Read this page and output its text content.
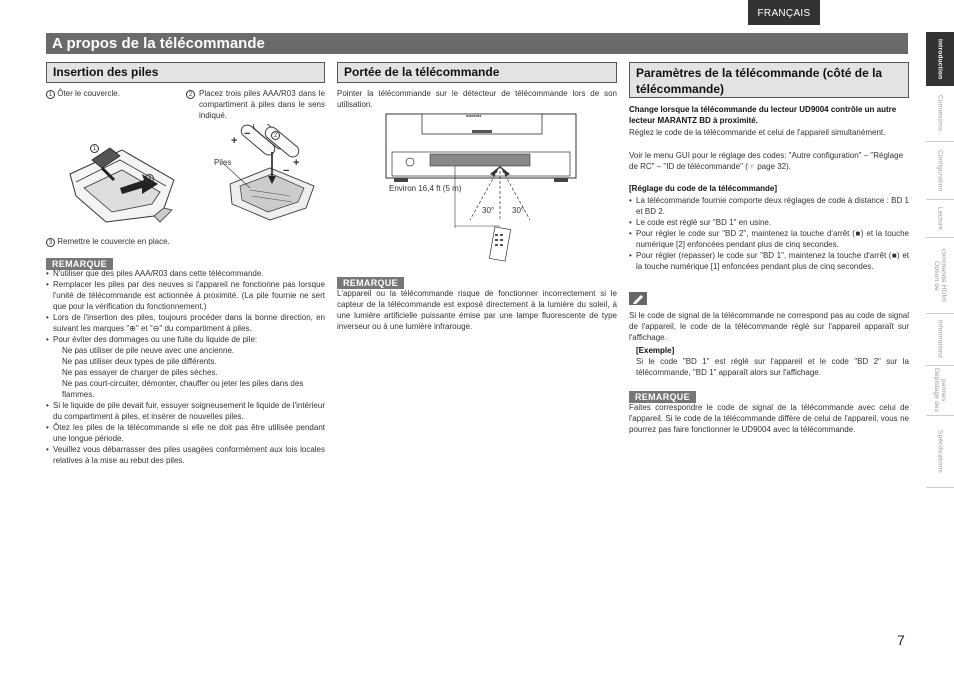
FRANÇAIS
A propos de la télécommande
Insertion des piles
1 Ôter le couvercle.	2 Placez trois piles AAA/R03 dans le compartiment à piles dans le sens indiqué.
1
3
+
+
−
−
2
Piles
3 Remettre le couvercle en place.
REMARQUE
• N'utiliser que des piles AAA/R03 dans cette télécommande.
• Remplacer les piles par des neuves si l'appareil ne fonctionne pas lorsque l'unité de télécommande est actionnée à proximité. (La pile fournie ne sert que pour la vérification du fonctionnement.)
• Lors de l'insertion des piles, toujours procéder dans la bonne direction, en suivant les marques "⊕" et "⊖" du compartiment à piles.
• Pour éviter des dommages ou une fuite du liquide de pile:
Ne pas utiliser de pile neuve avec une ancienne.
Ne pas utiliser deux types de pile différents.
Ne pas essayer de charger de piles sèches.
Ne pas court-circuiter, démonter, chauffer ou jeter les piles dans des flammes.
• Si le liquide de pile devait fuir, essuyer soigneusement le liquide de l'intérieur du compartiment à piles, et insérer de nouvelles piles.
• Ôtez les piles de la télécommande si elle ne doit pas être utilisée pendant une longue période.
• Veuillez vous débarrasser des piles usagées conformément aux lois locales relatives à la mise au rebut des piles.
Portée de la télécommande
Pointer la télécommande sur le détecteur de télécommande lors de son utilisation.
marantz
Environ 16,4 ft (5 m)
30° 30°
REMARQUE
L'appareil ou la télécommande risque de fonctionner incorrectement si le capteur de la télécommande est exposé directement à la lumière du soleil, à une lumière artificielle puissante émise par une lampe fluorescente de type inverseur ou à une lumière infrarouge.
Paramètres de la télécommande (côté de la télécommande)
Change lorsque la télécommande du lecteur UD9004 contrôle un autre lecteur MARANTZ BD à proximité.
Réglez le code de la télécommande et celui de l'appareil simultanément.
Voir le menu GUI pour le réglage des codes: "Autre configuration" – "Réglage de RC" – "ID de télécommande" (☞ page 32).
[Réglage du code de la télécommande]
• La télécommande fournie comporte deux réglages de code à distance : BD 1 et BD 2.
• Le code est réglé sur "BD 1" en usine.
• Pour régler le code sur "BD 2", maintenez la touche d'arrêt (■) et la touche numérique [2] enfoncées pendant plus de cinq secondes.
• Pour régler (repasser) le code sur "BD 1", maintenez la touche d'arrêt (■) et la touche numérique [1] enfoncées pendant plus de cinq secondes.
Si le code de signal de la télécommande ne correspond pas au code de signal de l'appareil, le code de la télécommande réglé sur l'appareil apparaît sur l'affichage.
[Exemple]
Si le code "BD 1" est réglé sur l'appareil et le code "BD 2" sur la télécommande, "BD 1" apparaît alors sur l'affichage.
REMARQUE
Faites correspondre le code de signal de la télécommande avec celui de l'appareil. Si le code de la télécommande diffère de celui de l'appareil, vous ne pourrez pas faire fonctionner le UD9004 avec la télécommande.
Introduction
Connexions
Configuration
Lecture
Option de commande HDMI
Informations
Dépistage des pannes
Spécifications
7
